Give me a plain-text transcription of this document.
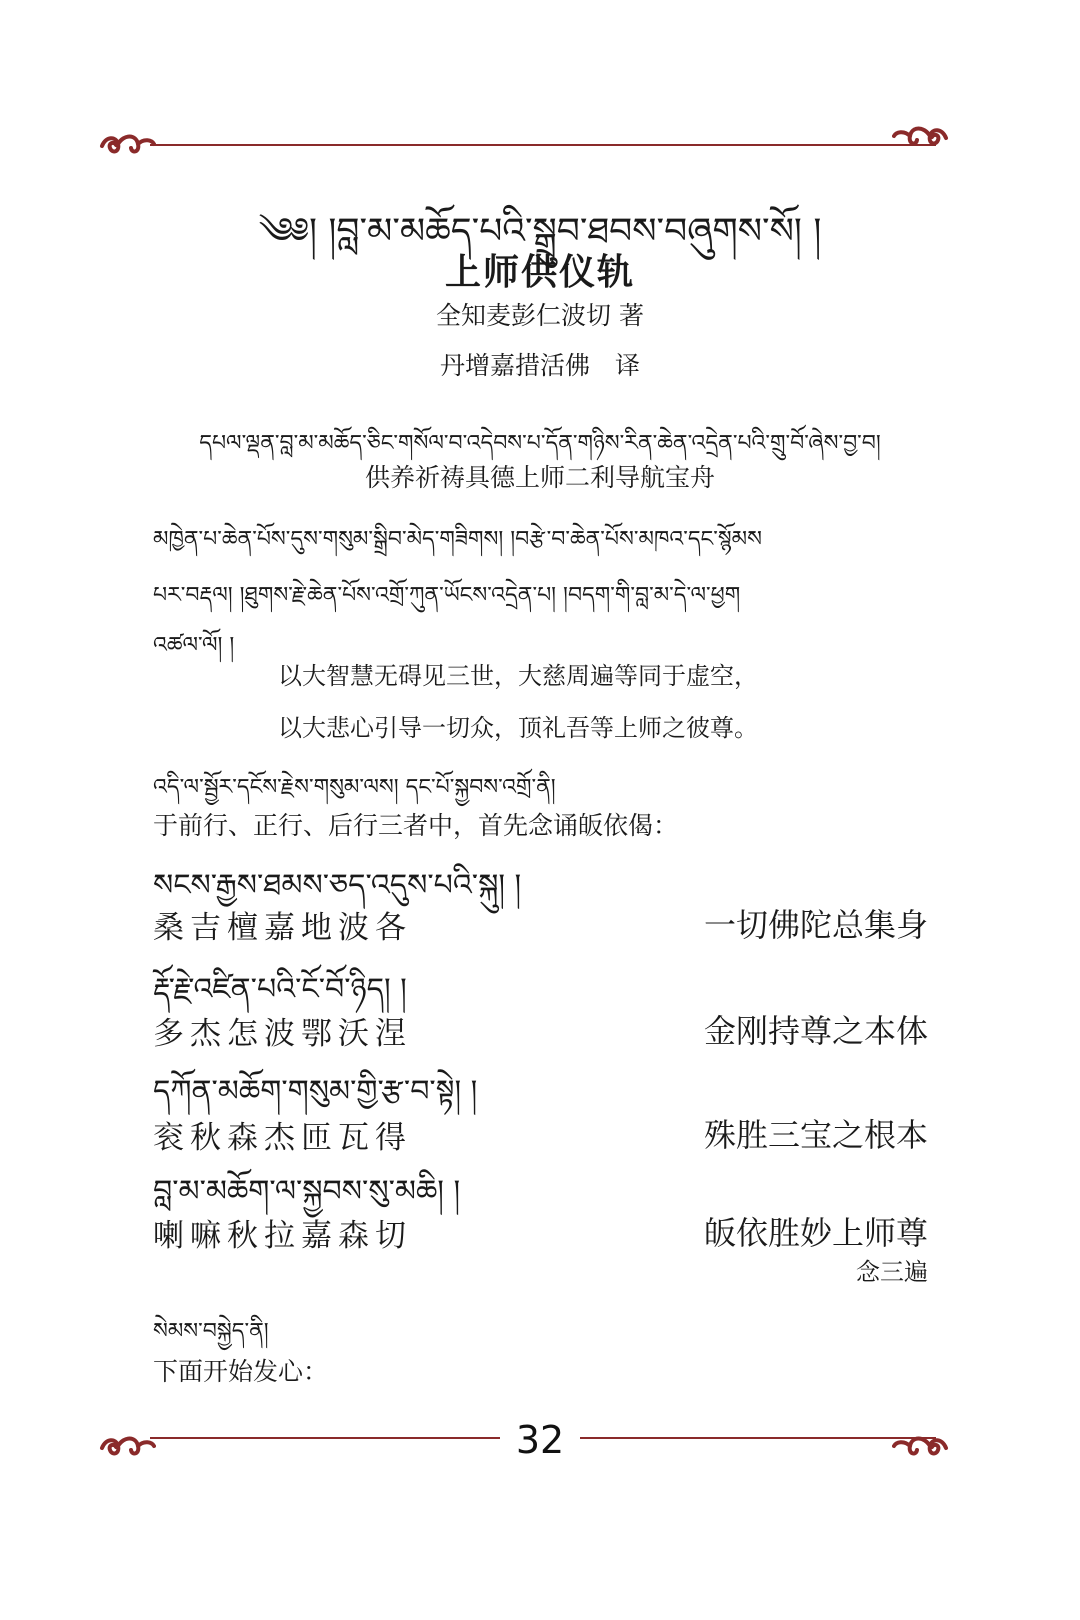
༄༅། །བླ་མ་མཆོད་པའི་སྒྲུབ་ཐབས་བཞུགས་སོ། །
上师供仪轨
全知麦彭仁波切 著
丹增嘉措活佛　译
དཔལ་ལྡན་བླ་མ་མཆོད་ཅིང་གསོལ་བ་འདེབས་པ་དོན་གཉིས་རིན་ཆེན་འདྲེན་པའི་གྲུ་བོ་ཞེས་བྱ་བ།
供养祈祷具德上师二利导航宝舟
མཁྱེན་པ་ཆེན་པོས་དུས་གསུམ་སྒྲིབ་མེད་གཟིགས། །བརྩེ་བ་ཆེན་པོས་མཁའ་དང་སྙོམས
པར་བརྡལ། །ཐུགས་རྗེ་ཆེན་པོས་འགྲོ་ཀུན་ཡོངས་འདྲེན་པ། །བདག་གི་བླ་མ་དེ་ལ་ཕྱག
འཚལ་ལོ། །
以大智慧无碍见三世，大慈周遍等同于虚空，
以大悲心引导一切众，顶礼吾等上师之彼尊。
འདི་ལ་སྦྱོར་དངོས་རྗེས་གསུམ་ལས། དང་པོ་སྐྱབས་འགྲོ་ནི།
于前行、正行、后行三者中，首先念诵皈依偈：
སངས་རྒྱས་ཐམས་ཅད་འདུས་པའི་སྐུ། །
桑吉檀嘉地波各	一切佛陀总集身
རྡོ་རྗེ་འཛིན་པའི་ངོ་བོ་ཉིད། །
多杰怎波鄂沃涅	金刚持尊之本体
དཀོན་མཆོག་གསུམ་གྱི་རྩ་བ་སྟེ། །
衮秋森杰匝瓦得	殊胜三宝之根本
བླ་མ་མཆོག་ལ་སྐྱབས་སུ་མཆི། །
喇嘛秋拉嘉森切	皈依胜妙上师尊
念三遍
སེམས་བསྐྱེད་ནི།
下面开始发心：
32
